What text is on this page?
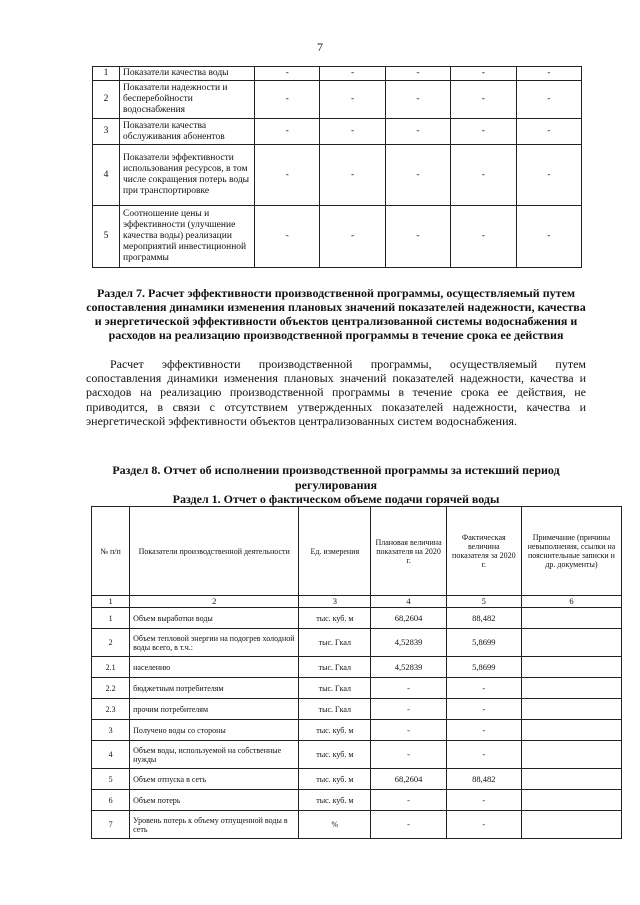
7
1	Показатели качества воды	-	-	-	-	-
2	Показатели надежности и бесперебойности водоснабжения	-	-	-	-	-
3	Показатели качества обслуживания абонентов	-	-	-	-	-
4	Показатели эффективности использования ресурсов, в том числе сокращения потерь воды при транспортировке	-	-	-	-	-
5	Соотношение цены и эффективности (улучшение качества воды) реализации мероприятий инвестиционной программы	-	-	-	-	-
Раздел 7. Расчет эффективности производственной программы, осуществляемый путем сопоставления динамики изменения плановых значений показателей надежности, качества и энергетической эффективности объектов централизованной системы водоснабжения и расходов на реализацию производственной программы в течение срока ее действия
Расчет эффективности производственной программы, осуществляемый путем сопоставления динамики изменения плановых значений показателей надежности, качества и расходов на реализацию производственной программы в течение срока ее действия, не приводится, в связи с отсутствием утвержденных показателей надежности, качества и энергетической эффективности объектов централизованных систем водоснабжения.
Раздел 8. Отчет об исполнении производственной программы за истекший период регулирования
Раздел 1. Отчет о фактическом объеме подачи горячей воды
№ п/п	Показатели производственной деятельности	Ед. измерения	Плановая величина показателя на 2020 г.	Фактическая величина показателя за 2020 г.	Примечание (причины невыполнения, ссылки на пояснительные записки и др. документы)
1	2	3	4	5	6
1	Объем выработки воды	тыс. куб. м	68,2604	88,482	
2	Объем тепловой энергии на подогрев холодной воды всего, в т.ч.:	тыс. Гкал	4,52839	5,8699	
2.1	населению	тыс. Гкал	4,52839	5,8699	
2.2	бюджетным потребителям	тыс. Гкал	-	-	
2.3	прочим потребителям	тыс. Гкал	-	-	
3	Получено воды со стороны	тыс. куб. м	-	-	
4	Объем воды, используемой на собственные нужды	тыс. куб. м	-	-	
5	Объем отпуска в сеть	тыс. куб. м	68,2604	88,482	
6	Объем потерь	тыс. куб. м	-	-	
7	Уровень потерь к объему отпущенной воды в сеть	%	-	-	
